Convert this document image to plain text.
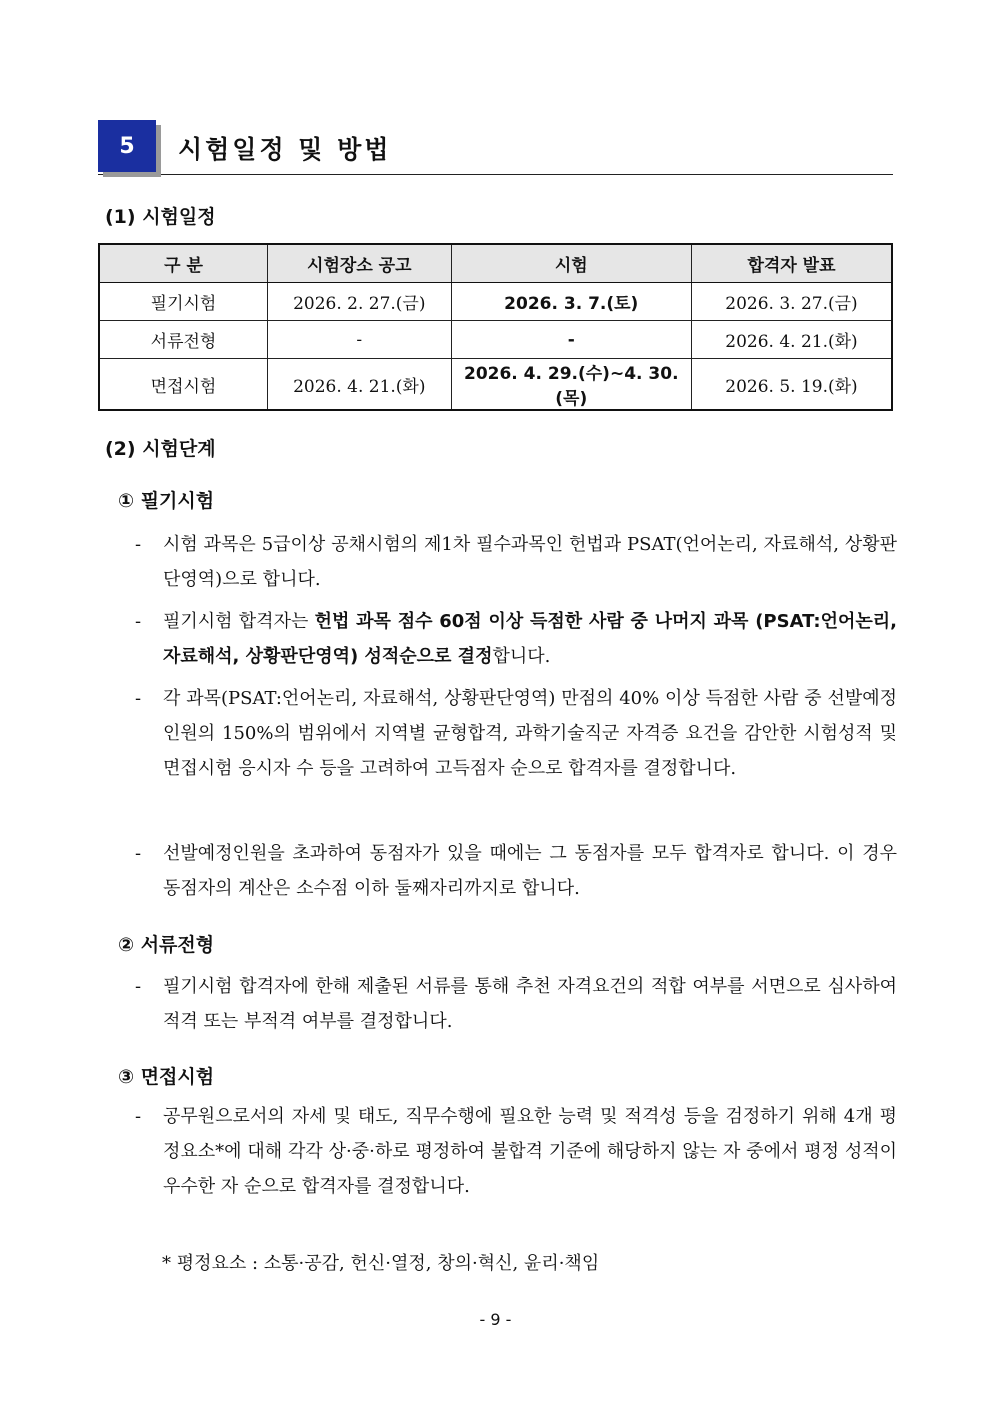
5	시험일정 및 방법
(1) 시험일정
구 분	시험장소 공고	시험	합격자 발표
필기시험	2026. 2. 27.(금)	2026. 3. 7.(토)	2026. 3. 27.(금)
서류전형	-	-	2026. 4. 21.(화)
면접시험	2026. 4. 21.(화)	2026. 4. 29.(수)~4. 30.(목)	2026. 5. 19.(화)
(2) 시험단계
① 필기시험
- 시험 과목은 5급이상 공채시험의 제1차 필수과목인 헌법과 PSAT(언어논리, 자료해석, 상황판단영역)으로 합니다.
- 필기시험 합격자는 헌법 과목 점수 60점 이상 득점한 사람 중 나머지 과목 (PSAT:언어논리, 자료해석, 상황판단영역) 성적순으로 결정합니다.
- 각 과목(PSAT:언어논리, 자료해석, 상황판단영역) 만점의 40% 이상 득점한 사람 중 선발예정인원의 150%의 범위에서 지역별 균형합격, 과학기술직군 자격증 요건을 감안한 시험성적 및 면접시험 응시자 수 등을 고려하여 고득점자 순으로 합격자를 결정합니다.
- 선발예정인원을 초과하여 동점자가 있을 때에는 그 동점자를 모두 합격자로 합니다. 이 경우 동점자의 계산은 소수점 이하 둘째자리까지로 합니다.
② 서류전형
- 필기시험 합격자에 한해 제출된 서류를 통해 추천 자격요건의 적합 여부를 서면으로 심사하여 적격 또는 부적격 여부를 결정합니다.
③ 면접시험
- 공무원으로서의 자세 및 태도, 직무수행에 필요한 능력 및 적격성 등을 검정하기 위해 4개 평정요소*에 대해 각각 상·중·하로 평정하여 불합격 기준에 해당하지 않는 자 중에서 평정 성적이 우수한 자 순으로 합격자를 결정합니다.
* 평정요소 : 소통·공감, 헌신·열정, 창의·혁신, 윤리·책임
- 9 -
